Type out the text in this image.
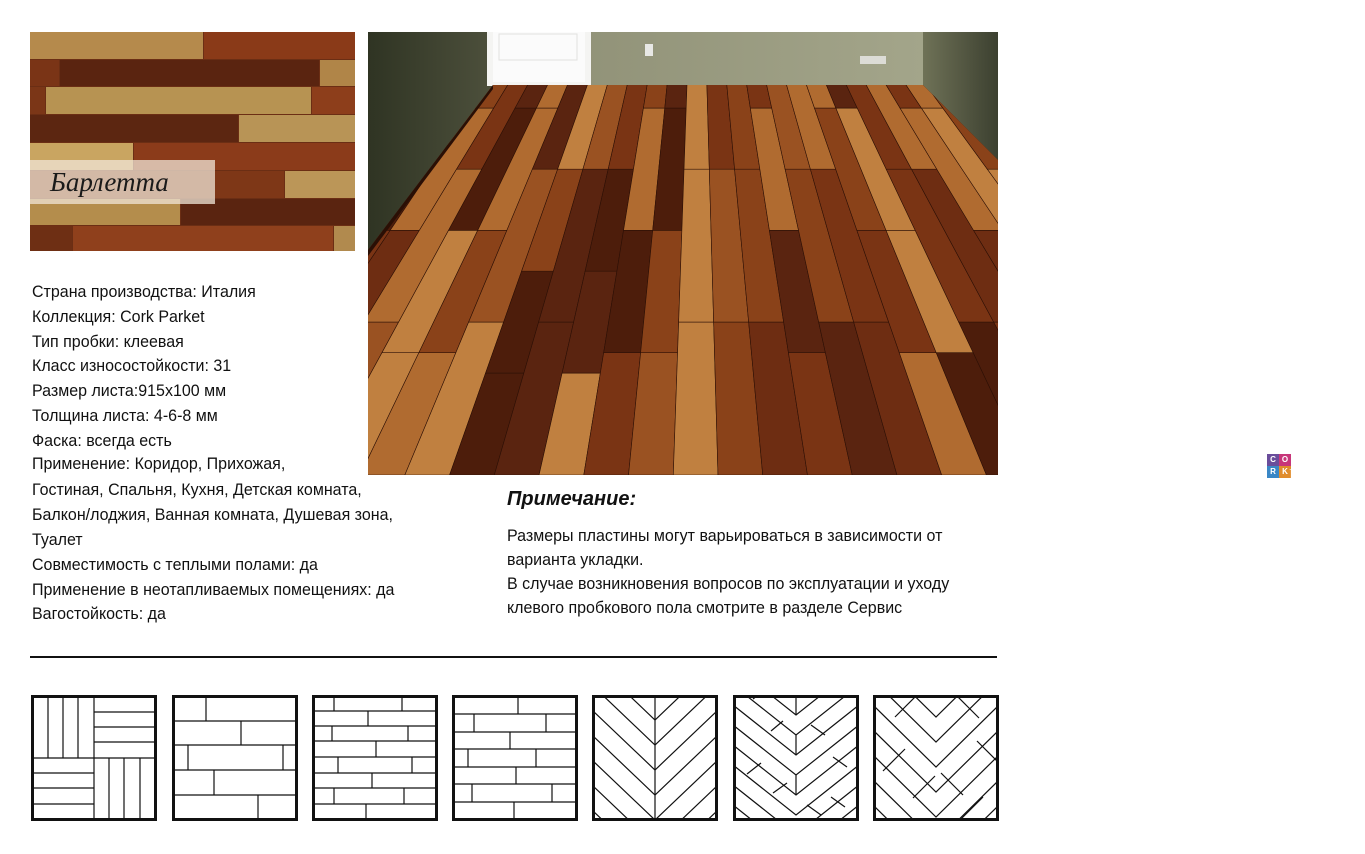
Барлетта
C O
R K
Cork
House
HOUSE
www.cork.house
Страна производства: Италия
Коллекция: Cork Parket
Тип пробки: клеевая
Класс износостойкости: 31
Размер листа:915х100 мм
Толщина листа: 4-6-8 мм
Фаска: всегда есть
Применение: Коридор, Прихожая,
Гостиная, Спальня, Кухня, Детская комната,
Балкон/лоджия, Ванная комната, Душевая зона,
Туалет
Совместимость с теплыми полами: да
Применение в неотапливаемых помещениях: да
Вагостойкость: да
Примечание:
Размеры пластины могут варьироваться в зависимости от
варианта укладки.
В случае возникновения вопросов по эксплуатации и уходу
клевого пробкового пола смотрите в разделе Сервис
